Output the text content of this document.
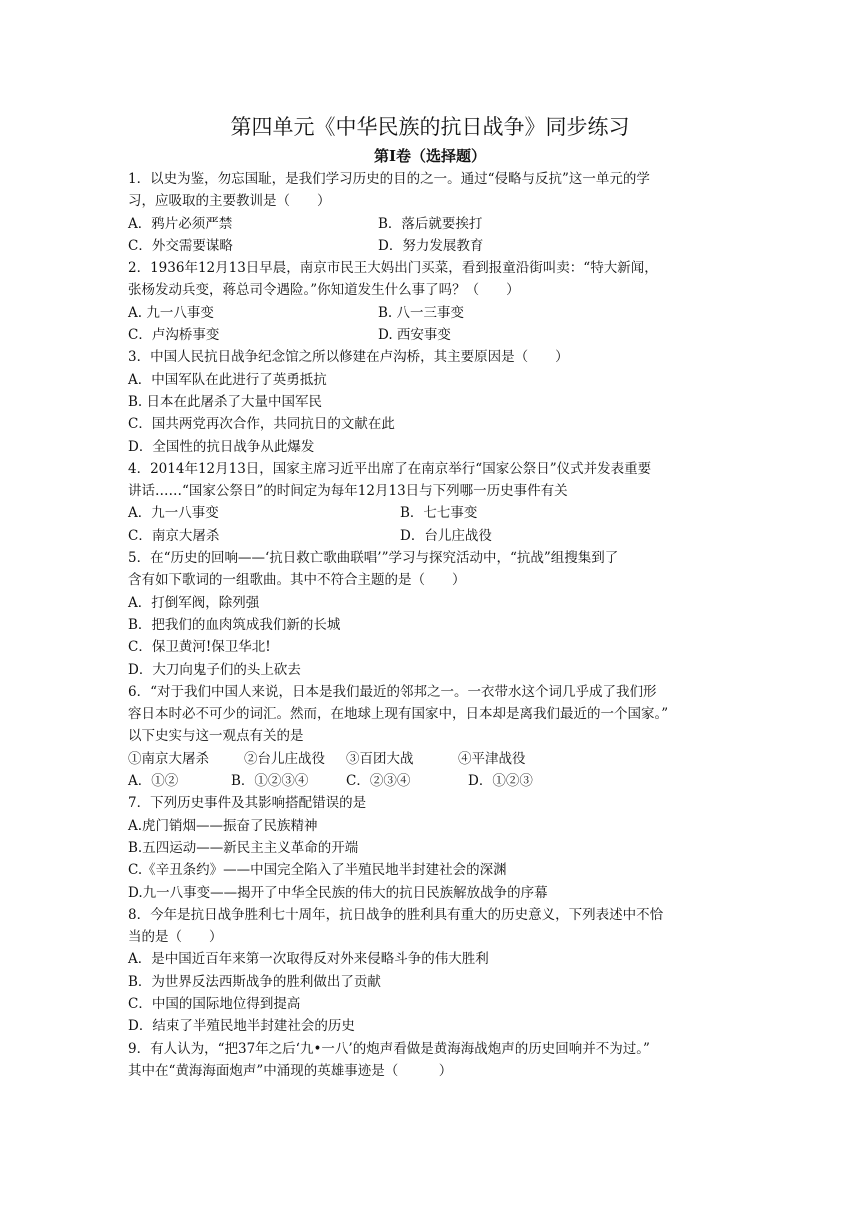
第四单元《中华民族的抗日战争》同步练习
第Ⅰ卷（选择题）
1．以史为鉴，勿忘国耻，是我们学习历史的目的之一。通过“侵略与反抗”这一单元的学
习，应吸取的主要教训是（　　）
A．鸦片必须严禁	B．落后就要挨打
C．外交需要谋略	D．努力发展教育
2．1936年12月13日早晨，南京市民王大妈出门买菜，看到报童沿街叫卖：“特大新闻，
张杨发动兵变，蒋总司令遇险。”你知道发生什么事了吗？（　　）
A. 九一八事变	B. 八一三事变
C．卢沟桥事变	D. 西安事变
3．中国人民抗日战争纪念馆之所以修建在卢沟桥，其主要原因是（　　）
A．中国军队在此进行了英勇抵抗
B. 日本在此屠杀了大量中国军民
C．国共两党再次合作，共同抗日的文献在此
D．全国性的抗日战争从此爆发
4．2014年12月13日，国家主席习近平出席了在南京举行“国家公祭日”仪式并发表重要
讲话……“国家公祭日”的时间定为每年12月13日与下列哪一历史事件有关
A．九一八事变	B．七七事变
C．南京大屠杀	D．台儿庄战役
5．在“历史的回响——‘抗日救亡歌曲联唱’”学习与探究活动中，“抗战”组搜集到了
含有如下歌词的一组歌曲。其中不符合主题的是（　　）
A．打倒军阀，除列强
B．把我们的血肉筑成我们新的长城
C．保卫黄河!保卫华北!
D．大刀向鬼子们的头上砍去
6．“对于我们中国人来说，日本是我们最近的邻邦之一。一衣带水这个词几乎成了我们形
容日本时必不可少的词汇。然而，在地球上现有国家中，日本却是离我们最近的一个国家。”
以下史实与这一观点有关的是
①南京大屠杀	②台儿庄战役	③百团大战	④平津战役
A．①②	B．①②③④	C．②③④	D．①②③
7．下列历史事件及其影响搭配错误的是
A.虎门销烟——振奋了民族精神
B.五四运动——新民主主义革命的开端
C.《辛丑条约》——中国完全陷入了半殖民地半封建社会的深渊
D.九一八事变——揭开了中华全民族的伟大的抗日民族解放战争的序幕
8．今年是抗日战争胜利七十周年，抗日战争的胜利具有重大的历史意义，下列表述中不恰
当的是（　　）
A．是中国近百年来第一次取得反对外来侵略斗争的伟大胜利
B．为世界反法西斯战争的胜利做出了贡献
C．中国的国际地位得到提高
D．结束了半殖民地半封建社会的历史
9．有人认为，“把37年之后‘九•一八’的炮声看做是黄海海战炮声的历史回响并不为过。”
其中在“黄海海面炮声”中涌现的英雄事迹是（　　　）
